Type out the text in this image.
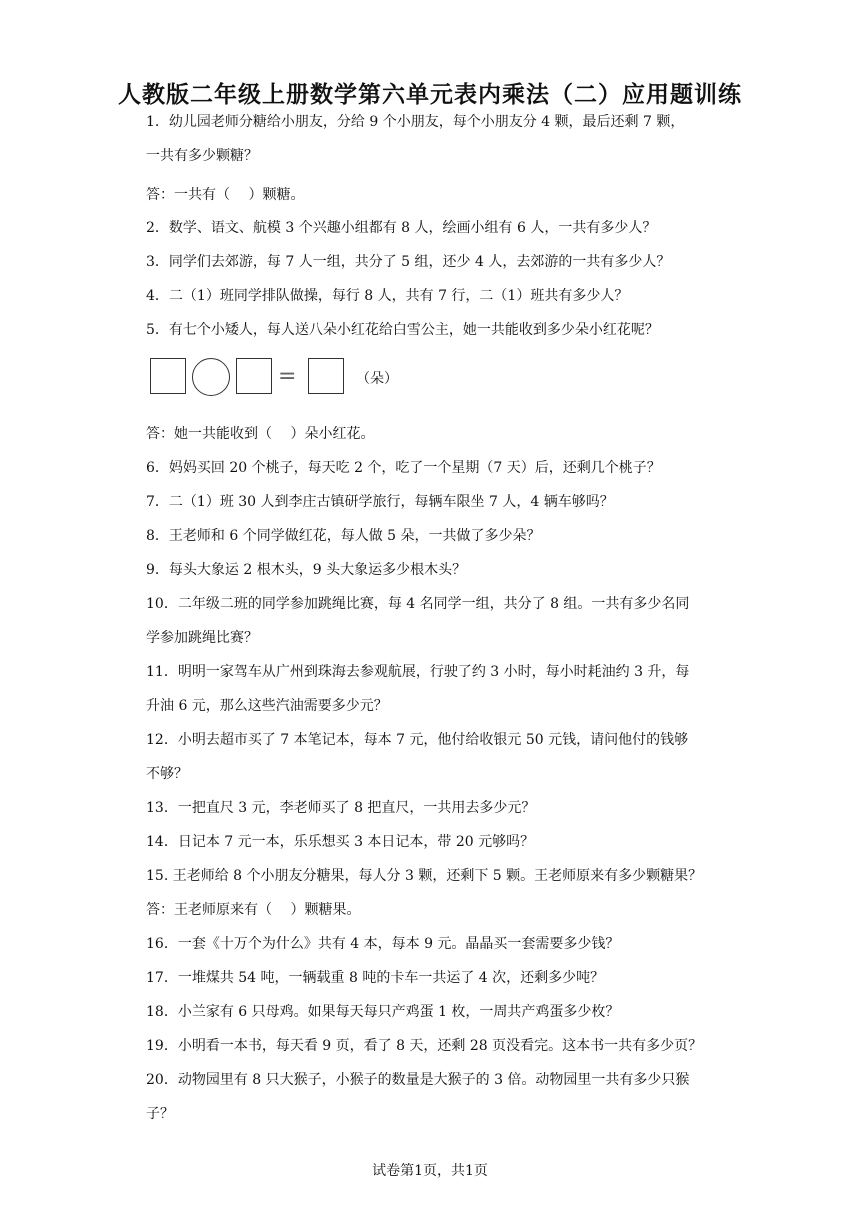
人教版二年级上册数学第六单元表内乘法（二）应用题训练
1．幼儿园老师分糖给小朋友，分给 9 个小朋友，每个小朋友分 4 颗，最后还剩 7 颗，
一共有多少颗糖？
答：一共有（　 ）颗糖。
2．数学、语文、航模 3 个兴趣小组都有 8 人，绘画小组有 6 人，一共有多少人？
3．同学们去郊游，每 7 人一组，共分了 5 组，还少 4 人，去郊游的一共有多少人？
4．二（1）班同学排队做操，每行 8 人，共有 7 行，二（1）班共有多少人？
5．有七个小矮人，每人送八朵小红花给白雪公主，她一共能收到多少朵小红花呢？
=	（朵）
答：她一共能收到（　 ）朵小红花。
6．妈妈买回 20 个桃子，每天吃 2 个，吃了一个星期（7 天）后，还剩几个桃子？
7．二（1）班 30 人到李庄古镇研学旅行，每辆车限坐 7 人，4 辆车够吗？
8．王老师和 6 个同学做红花，每人做 5 朵，一共做了多少朵？
9．每头大象运 2 根木头，9 头大象运多少根木头？
10．二年级二班的同学参加跳绳比赛，每 4 名同学一组，共分了 8 组。一共有多少名同
学参加跳绳比赛？
11．明明一家驾车从广州到珠海去参观航展，行驶了约 3 小时，每小时耗油约 3 升，每
升油 6 元，那么这些汽油需要多少元？
12．小明去超市买了 7 本笔记本，每本 7 元，他付给收银元 50 元钱，请问他付的钱够
不够？
13．一把直尺 3 元，李老师买了 8 把直尺，一共用去多少元？
14．日记本 7 元一本，乐乐想买 3 本日记本，带 20 元够吗？
15. 王老师给 8 个小朋友分糖果，每人分 3 颗，还剩下 5 颗。王老师原来有多少颗糖果？
答：王老师原来有（　 ）颗糖果。
16．一套《十万个为什么》共有 4 本，每本 9 元。晶晶买一套需要多少钱？
17．一堆煤共 54 吨，一辆载重 8 吨的卡车一共运了 4 次，还剩多少吨？
18．小兰家有 6 只母鸡。如果每天每只产鸡蛋 1 枚，一周共产鸡蛋多少枚？
19．小明看一本书，每天看 9 页，看了 8 天，还剩 28 页没看完。这本书一共有多少页？
20．动物园里有 8 只大猴子，小猴子的数量是大猴子的 3 倍。动物园里一共有多少只猴
子？
试卷第1页，共1页
